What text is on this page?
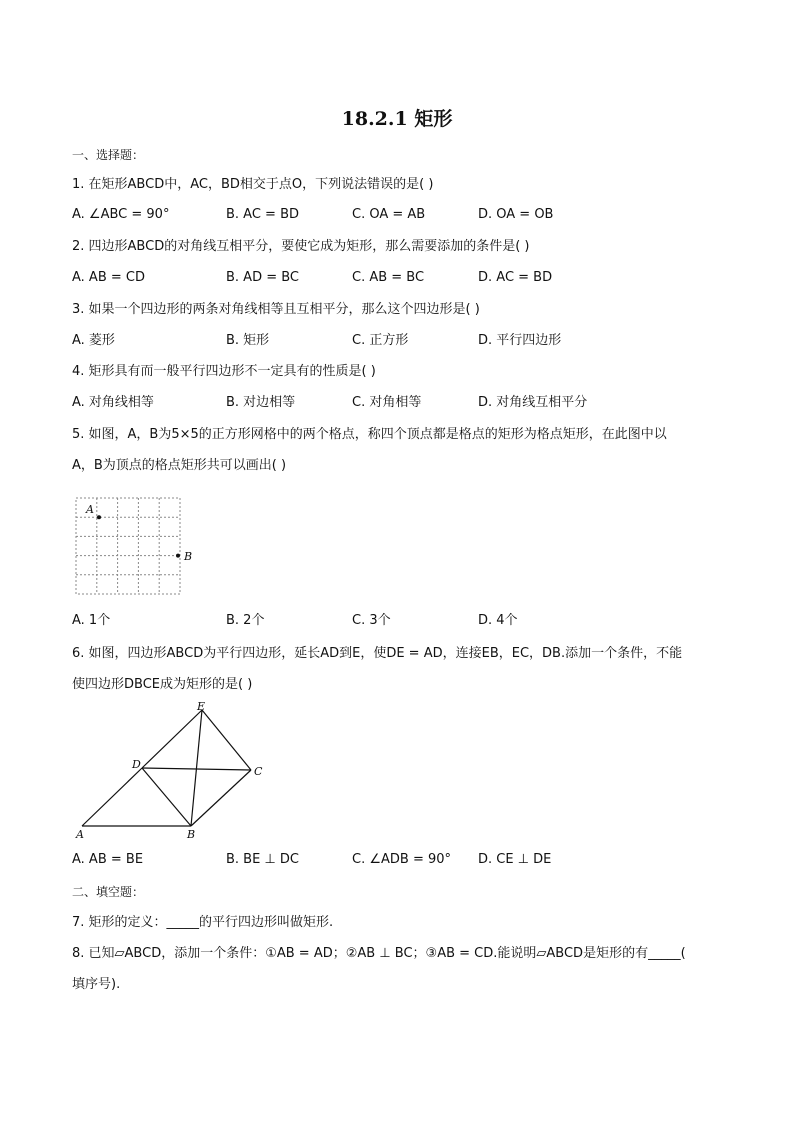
18.2.1 矩形
一、选择题：
1. 在矩形ABCD中，AC，BD相交于点O，下列说法错误的是( )
A. ∠ABC = 90°	B. AC = BD	C. OA = AB	D. OA = OB
2. 四边形ABCD的对角线互相平分，要使它成为矩形，那么需要添加的条件是( )
A. AB = CD	B. AD = BC	C. AB = BC	D. AC = BD
3. 如果一个四边形的两条对角线相等且互相平分，那么这个四边形是( )
A. 菱形	B. 矩形	C. 正方形	D. 平行四边形
4. 矩形具有而一般平行四边形不一定具有的性质是( )
A. 对角线相等	B. 对边相等	C. 对角相等	D. 对角线互相平分
5. 如图，A，B为5×5的正方形网格中的两个格点，称四个顶点都是格点的矩形为格点矩形，在此图中以
A，B为顶点的格点矩形共可以画出( )
A
B
A. 1个	B. 2个	C. 3个	D. 4个
6. 如图，四边形ABCD为平行四边形，延长AD到E，使DE = AD，连接EB，EC，DB.添加一个条件，不能
使四边形DBCE成为矩形的是( )
E
D
C
A	B
A. AB = BE	B. BE ⊥ DC	C. ∠ADB = 90° D. CE ⊥ DE
二、填空题：
7. 矩形的定义：_____的平行四边形叫做矩形.
8. 已知▱ABCD，添加一个条件：①AB = AD；②AB ⊥ BC；③AB = CD.能说明▱ABCD是矩形的有_____(
填序号).
